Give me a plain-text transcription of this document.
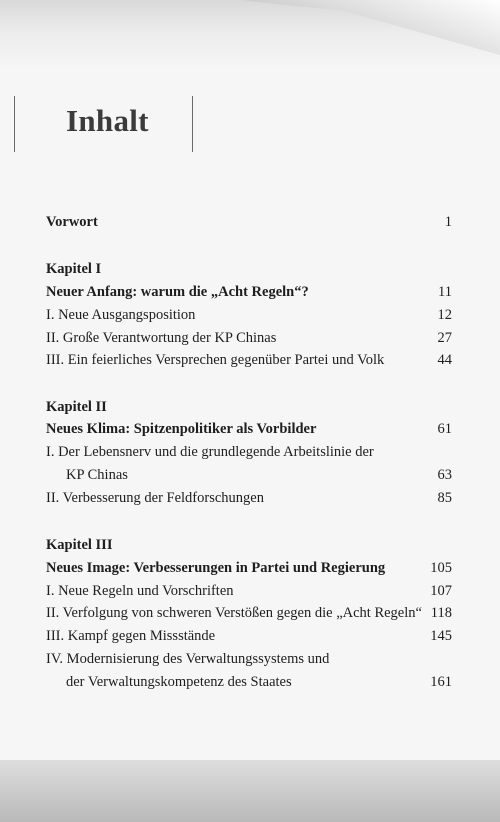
Inhalt
Vorwort	1
Kapitel I
Neuer Anfang: warum die „Acht Regeln“?	11
I. Neue Ausgangsposition	12
II. Große Verantwortung der KP Chinas	27
III. Ein feierliches Versprechen gegenüber Partei und Volk	44
Kapitel II
Neues Klima: Spitzenpolitiker als Vorbilder	61
I. Der Lebensnerv und die grundlegende Arbeitslinie der
KP Chinas	63
II. Verbesserung der Feldforschungen	85
Kapitel III
Neues Image: Verbesserungen in Partei und Regierung	105
I. Neue Regeln und Vorschriften	107
II. Verfolgung von schweren Verstößen gegen die „Acht Regeln“ 118
III. Kampf gegen Missstände	145
IV. Modernisierung des Verwaltungssystems und
der Verwaltungskompetenz des Staates	161
